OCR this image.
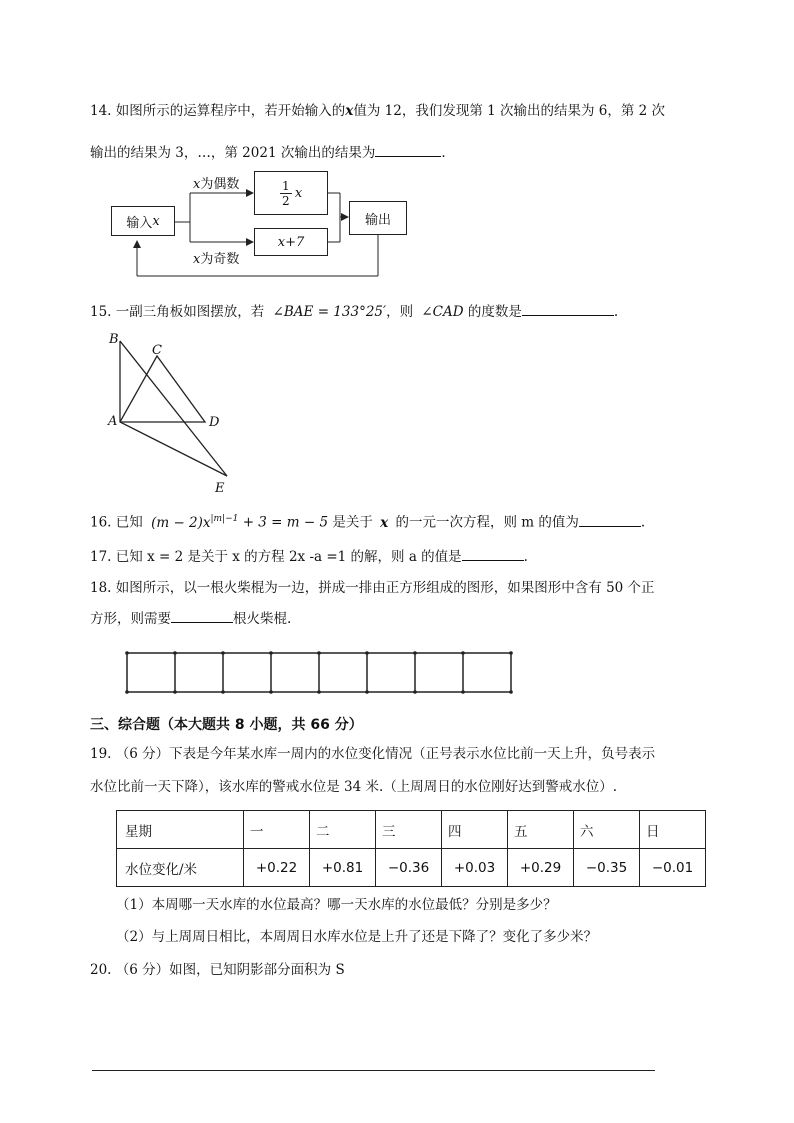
14. 如图所示的运算程序中，若开始输入的x值为 12，我们发现第 1 次输出的结果为 6，第 2 次
输出的结果为 3，…，第 2021 次输出的结果为	.
输入 x
x为偶数
x为奇数
1
2 x
x+7
输出
15. 一副三角板如图摆放，若 ∠BAE = 133°25′，则 ∠CAD 的度数是	.
B
C
A	D
E
16. 已知 $(m - 2)x^{|m|-1} + 3 = m - 5$ 是关于 x 的一元一次方程，则 m 的值为	.
17. 已知 x = 2 是关于 x 的方程 2x -a =1 的解，则 a 的值是	.
18. 如图所示，以一根火柴棍为一边，拼成一排由正方形组成的图形，如果图形中含有 50 个正
方形，则需要	根火柴棍.
三、综合题（本大题共 8 小题，共 66 分）
19. （6 分）下表是今年某水库一周内的水位变化情况（正号表示水位比前一天上升，负号表示
水位比前一天下降），该水库的警戒水位是 34 米.（上周周日的水位刚好达到警戒水位）.
星期	一	二	三	四	五	六	日
水位变化/米	+0.22	+0.81	−0.36	+0.03	+0.29	−0.35	−0.01
（1）本周哪一天水库的水位最高？哪一天水库的水位最低？分别是多少？
（2）与上周周日相比，本周周日水库水位是上升了还是下降了？变化了多少米？
20. （6 分）如图，已知阴影部分面积为 S
